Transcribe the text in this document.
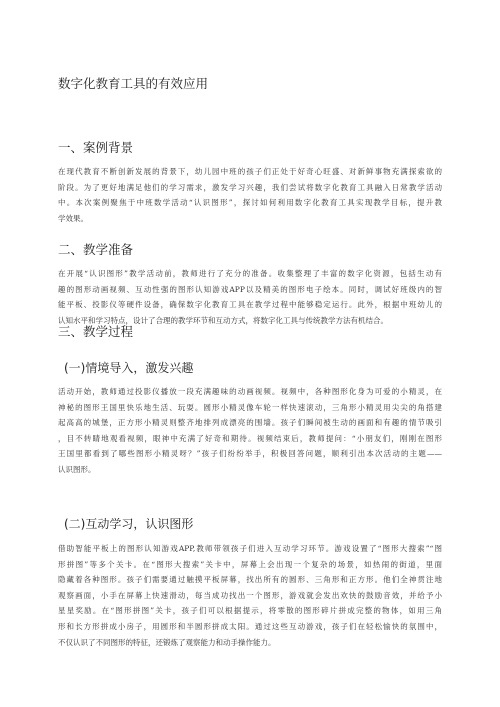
数字化教育工具的有效应用
一、案例背景

在现代教育不断创新发展的背景下，幼儿园中班的孩子们正处于好奇心旺盛、对新鲜事物充满探索欲的
阶段。为了更好地满足他们的学习需求，激发学习兴趣，我们尝试将数字化教育工具融入日常教学活动
中。本次案例聚焦于中班数学活动“认识图形”，探讨如何利用数字化教育工具实现教学目标，提升教
学效果。

二、教学准备

在开展“认识图形”教学活动前，教师进行了充分的准备。收集整理了丰富的数字化资源，包括生动有
趣的图形动画视频、互动性强的图形认知游戏APP以及精美的图形电子绘本。同时，调试好班级内的智
能平板、投影仪等硬件设备，确保数字化教育工具在教学过程中能够稳定运行。此外，根据中班幼儿的
认知水平和学习特点，设计了合理的教学环节和互动方式，将数字化工具与传统教学方法有机结合。

三、教学过程
(一)情境导入，激发兴趣

活动开始，教师通过投影仪播放一段充满趣味的动画视频。视频中，各种图形化身为可爱的小精灵，在
神秘的图形王国里快乐地生活、玩耍。圆形小精灵像车轮一样快速滚动，三角形小精灵用尖尖的角搭建
起高高的城堡，正方形小精灵则整齐地排列成漂亮的围墙。孩子们瞬间被生动的画面和有趣的情节吸引
，目不转睛地观看视频，眼神中充满了好奇和期待。视频结束后，教师提问：“小朋友们，刚刚在图形
王国里都看到了哪些图形小精灵呀？”孩子们纷纷举手，积极回答问题，顺利引出本次活动的主题——
认识图形。

(二)互动学习，认识图形

借助智能平板上的图形认知游戏APP,教师带领孩子们进入互动学习环节。游戏设置了“图形大搜索”“图
形拼图”等多个关卡。在“图形大搜索”关卡中，屏幕上会出现一个复杂的场景，如热闹的街道，里面
隐藏着各种图形。孩子们需要通过触摸平板屏幕，找出所有的圆形、三角形和正方形。他们全神贯注地
观察画面，小手在屏幕上快速滑动，每当成功找出一个图形，游戏就会发出欢快的鼓励音效，并给予小
星星奖励。在“图形拼图”关卡，孩子们可以根据提示，将零散的图形碎片拼成完整的物体，如用三角
形和长方形拼成小房子，用圆形和半圆形拼成太阳。通过这些互动游戏，孩子们在轻松愉快的氛围中，
不仅认识了不同图形的特征，还锻炼了观察能力和动手操作能力。
